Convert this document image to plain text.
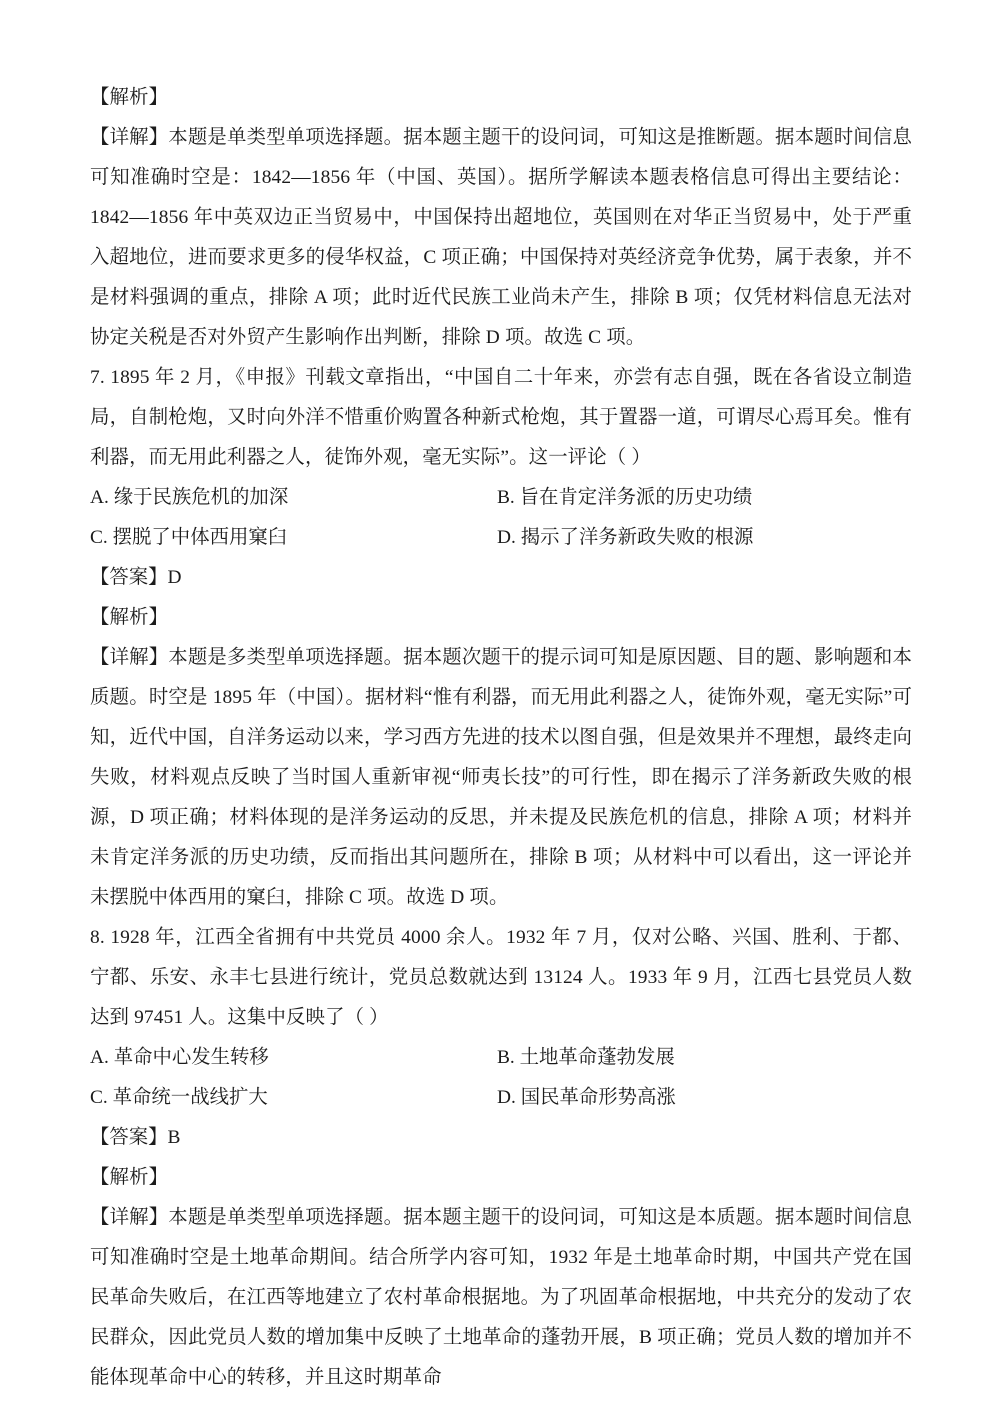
【解析】
【详解】本题是单类型单项选择题。据本题主题干的设问词，可知这是推断题。据本题时间信息可知准确时空是：1842—1856 年（中国、英国）。据所学解读本题表格信息可得出主要结论：1842—1856 年中英双边正当贸易中，中国保持出超地位，英国则在对华正当贸易中，处于严重入超地位，进而要求更多的侵华权益，C 项正确；中国保持对英经济竞争优势，属于表象，并不是材料强调的重点，排除 A 项；此时近代民族工业尚未产生，排除 B 项；仅凭材料信息无法对协定关税是否对外贸产生影响作出判断，排除 D 项。故选 C 项。
7. 1895 年 2 月，《申报》刊载文章指出，“中国自二十年来，亦尝有志自强，既在各省设立制造局，自制枪炮，又时向外洋不惜重价购置各种新式枪炮，其于置器一道，可谓尽心焉耳矣。惟有利器，而无用此利器之人，徒饰外观，毫无实际”。这一评论（ ）
A. 缘于民族危机的加深	B. 旨在肯定洋务派的历史功绩
C. 摆脱了中体西用窠臼	D. 揭示了洋务新政失败的根源
【答案】D
【解析】
【详解】本题是多类型单项选择题。据本题次题干的提示词可知是原因题、目的题、影响题和本质题。时空是 1895 年（中国）。据材料“惟有利器，而无用此利器之人，徒饰外观，毫无实际”可知，近代中国，自洋务运动以来，学习西方先进的技术以图自强，但是效果并不理想，最终走向失败，材料观点反映了当时国人重新审视“师夷长技”的可行性，即在揭示了洋务新政失败的根源，D 项正确；材料体现的是洋务运动的反思，并未提及民族危机的信息，排除 A 项；材料并未肯定洋务派的历史功绩，反而指出其问题所在，排除 B 项；从材料中可以看出，这一评论并未摆脱中体西用的窠臼，排除 C 项。故选 D 项。
8. 1928 年，江西全省拥有中共党员 4000 余人。1932 年 7 月，仅对公略、兴国、胜利、于都、宁都、乐安、永丰七县进行统计，党员总数就达到 13124 人。1933 年 9 月，江西七县党员人数达到 97451 人。这集中反映了（ ）
A. 革命中心发生转移	B. 土地革命蓬勃发展
C. 革命统一战线扩大	D. 国民革命形势高涨
【答案】B
【解析】
【详解】本题是单类型单项选择题。据本题主题干的设问词，可知这是本质题。据本题时间信息可知准确时空是土地革命期间。结合所学内容可知，1932 年是土地革命时期，中国共产党在国民革命失败后，在江西等地建立了农村革命根据地。为了巩固革命根据地，中共充分的发动了农民群众，因此党员人数的增加集中反映了土地革命的蓬勃开展，B 项正确；党员人数的增加并不能体现革命中心的转移，并且这时期革命
